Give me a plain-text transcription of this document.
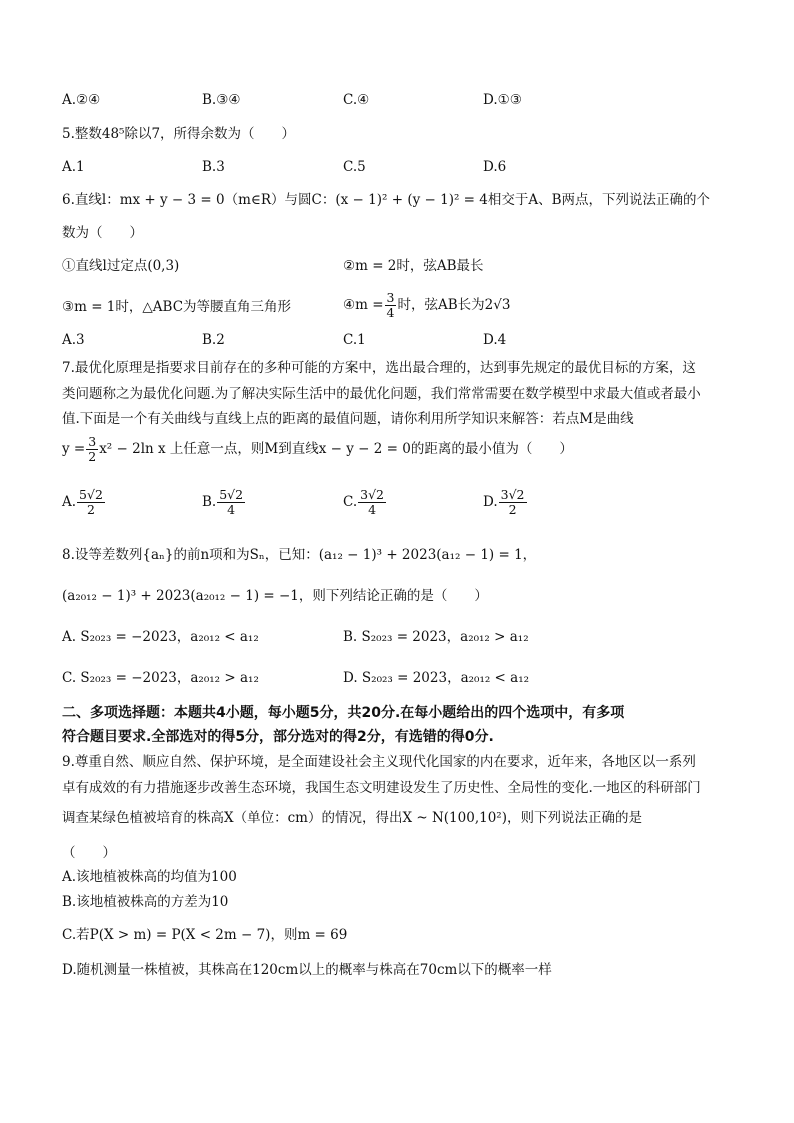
A.②④	B.③④	C.④	D.①③
5.整数48⁵除以7，所得余数为（　　）
A.1	B.3	C.5	D.6
6.直线l：mx + y − 3 = 0（m∈R）与圆C：(x − 1)² + (y − 1)² = 4相交于A、B两点，下列说法正确的个
数为（　　）
①直线l过定点(0,3)	②m = 2时，弦AB最长
③m = 1时，△ABC为等腰直角三角形	④m = $\frac{3}{4}$ 时，弦AB长为2√3
A.3	B.2	C.1	D.4
7.最优化原理是指要求目前存在的多种可能的方案中，选出最合理的，达到事先规定的最优目标的方案，这
类问题称之为最优化问题.为了解决实际生活中的最优化问题，我们常常需要在数学模型中求最大值或者最小
值.下面是一个有关曲线与直线上点的距离的最值问题，请你利用所学知识来解答：若点M是曲线
$y = \frac{3}{2} x^2 - 2\ln$ x 上任意一点，则M到直线x − y − 2 = 0的距离的最小值为（　　）
A. $\frac{5√2}{2}$	B. $\frac{5√2}{4}$	C. $\frac{3√2}{4}$	D. $\frac{3√2}{2}$
8.设等差数列{aₙ}的前n项和为Sₙ，已知：(a₁₂ − 1)³ + 2023(a₁₂ − 1) = 1，
(a₂₀₁₂ − 1)³ + 2023(a₂₀₁₂ − 1) = −1，则下列结论正确的是（　　）
A. S₂₀₂₃ = −2023，a₂₀₁₂ < a₁₂	B. S₂₀₂₃ = 2023，a₂₀₁₂ > a₁₂
C. S₂₀₂₃ = −2023，a₂₀₁₂ > a₁₂	D. S₂₀₂₃ = 2023，a₂₀₁₂ < a₁₂
二、多项选择题：本题共4小题，每小题5分，共20分.在每小题给出的四个选项中，有多项
符合题目要求.全部选对的得5分，部分选对的得2分，有选错的得0分.
9.尊重自然、顺应自然、保护环境，是全面建设社会主义现代化国家的内在要求，近年来，各地区以一系列
卓有成效的有力措施逐步改善生态环境，我国生态文明建设发生了历史性、全局性的变化.一地区的科研部门
调查某绿色植被培育的株高X（单位：cm）的情况，得出X ~ N(100,10²)，则下列说法正确的是
（　　）
A.该地植被株高的均值为100
B.该地植被株高的方差为10
C.若P(X > m) = P(X < 2m − 7)，则m = 69
D.随机测量一株植被，其株高在120cm以上的概率与株高在70cm以下的概率一样
